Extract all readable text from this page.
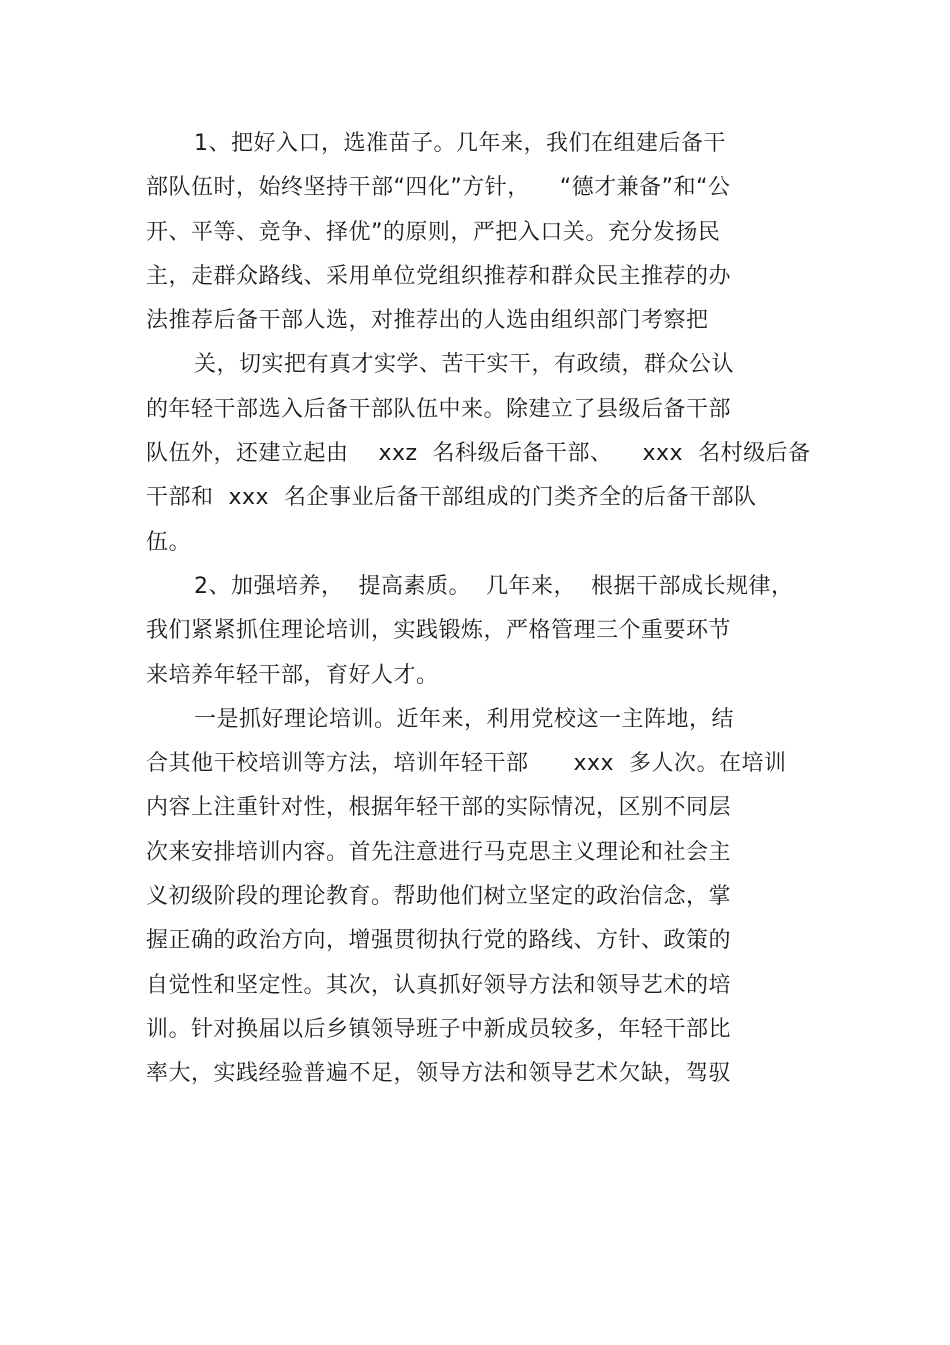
1、把好入口，选准苗子。几年来，我们在组建后备干
部队伍时，始终坚持干部“四化”方针，    “德才兼备”和“公
开、平等、竞争、择优”的原则，严把入口关。充分发扬民
主，走群众路线、采用单位党组织推荐和群众民主推荐的办
法推荐后备干部人选，对推荐出的人选由组织部门考察把
关，切实把有真才实学、苦干实干，有政绩，群众公认
的年轻干部选入后备干部队伍中来。除建立了县级后备干部
队伍外，还建立起由    xxz  名科级后备干部、    xxx  名村级后备
干部和  xxx  名企事业后备干部组成的门类齐全的后备干部队
伍。
2、加强培养，  提高素质。  几年来，  根据干部成长规律，
我们紧紧抓住理论培训，实践锻炼，严格管理三个重要环节
来培养年轻干部，育好人才。
一是抓好理论培训。近年来，利用党校这一主阵地，结
合其他干校培训等方法，培训年轻干部      xxx  多人次。在培训
内容上注重针对性，根据年轻干部的实际情况，区别不同层
次来安排培训内容。首先注意进行马克思主义理论和社会主
义初级阶段的理论教育。帮助他们树立坚定的政治信念，掌
握正确的政治方向，增强贯彻执行党的路线、方针、政策的
自觉性和坚定性。其次，认真抓好领导方法和领导艺术的培
训。针对换届以后乡镇领导班子中新成员较多，年轻干部比
率大，实践经验普遍不足，领导方法和领导艺术欠缺，驾驭
